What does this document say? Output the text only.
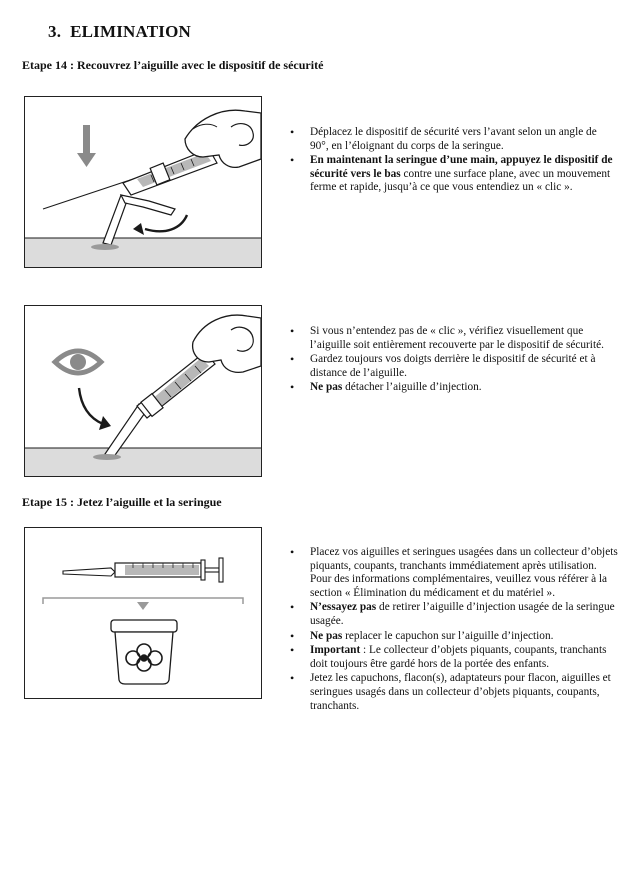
3. ELIMINATION
Etape 14 : Recouvrez l’aiguille avec le dispositif de sécurité
• Déplacez le dispositif de sécurité vers l’avant selon un angle de 90°, en l’éloignant du corps de la seringue.
• En maintenant la seringue d’une main, appuyez le dispositif de sécurité vers le bas contre une surface plane, avec un mouvement ferme et rapide, jusqu’à ce que vous entendiez un « clic ».
• Si vous n’entendez pas de « clic », vérifiez visuellement que l’aiguille soit entièrement recouverte par le dispositif de sécurité.
• Gardez toujours vos doigts derrière le dispositif de sécurité et à distance de l’aiguille.
• Ne pas détacher l’aiguille d’injection.
Etape 15 : Jetez l’aiguille et la seringue
• Placez vos aiguilles et seringues usagées dans un collecteur d’objets piquants, coupants, tranchants immédiatement après utilisation. Pour des informations complémentaires, veuillez vous référer à la section « Élimination du médicament et du matériel ».
• N’essayez pas de retirer l’aiguille d’injection usagée de la seringue usagée.
• Ne pas replacer le capuchon sur l’aiguille d’injection.
• Important : Le collecteur d’objets piquants, coupants, tranchants doit toujours être gardé hors de la portée des enfants.
• Jetez les capuchons, flacon(s), adaptateurs pour flacon, aiguilles et seringues usagés dans un collecteur d’objets piquants, coupants, tranchants.
